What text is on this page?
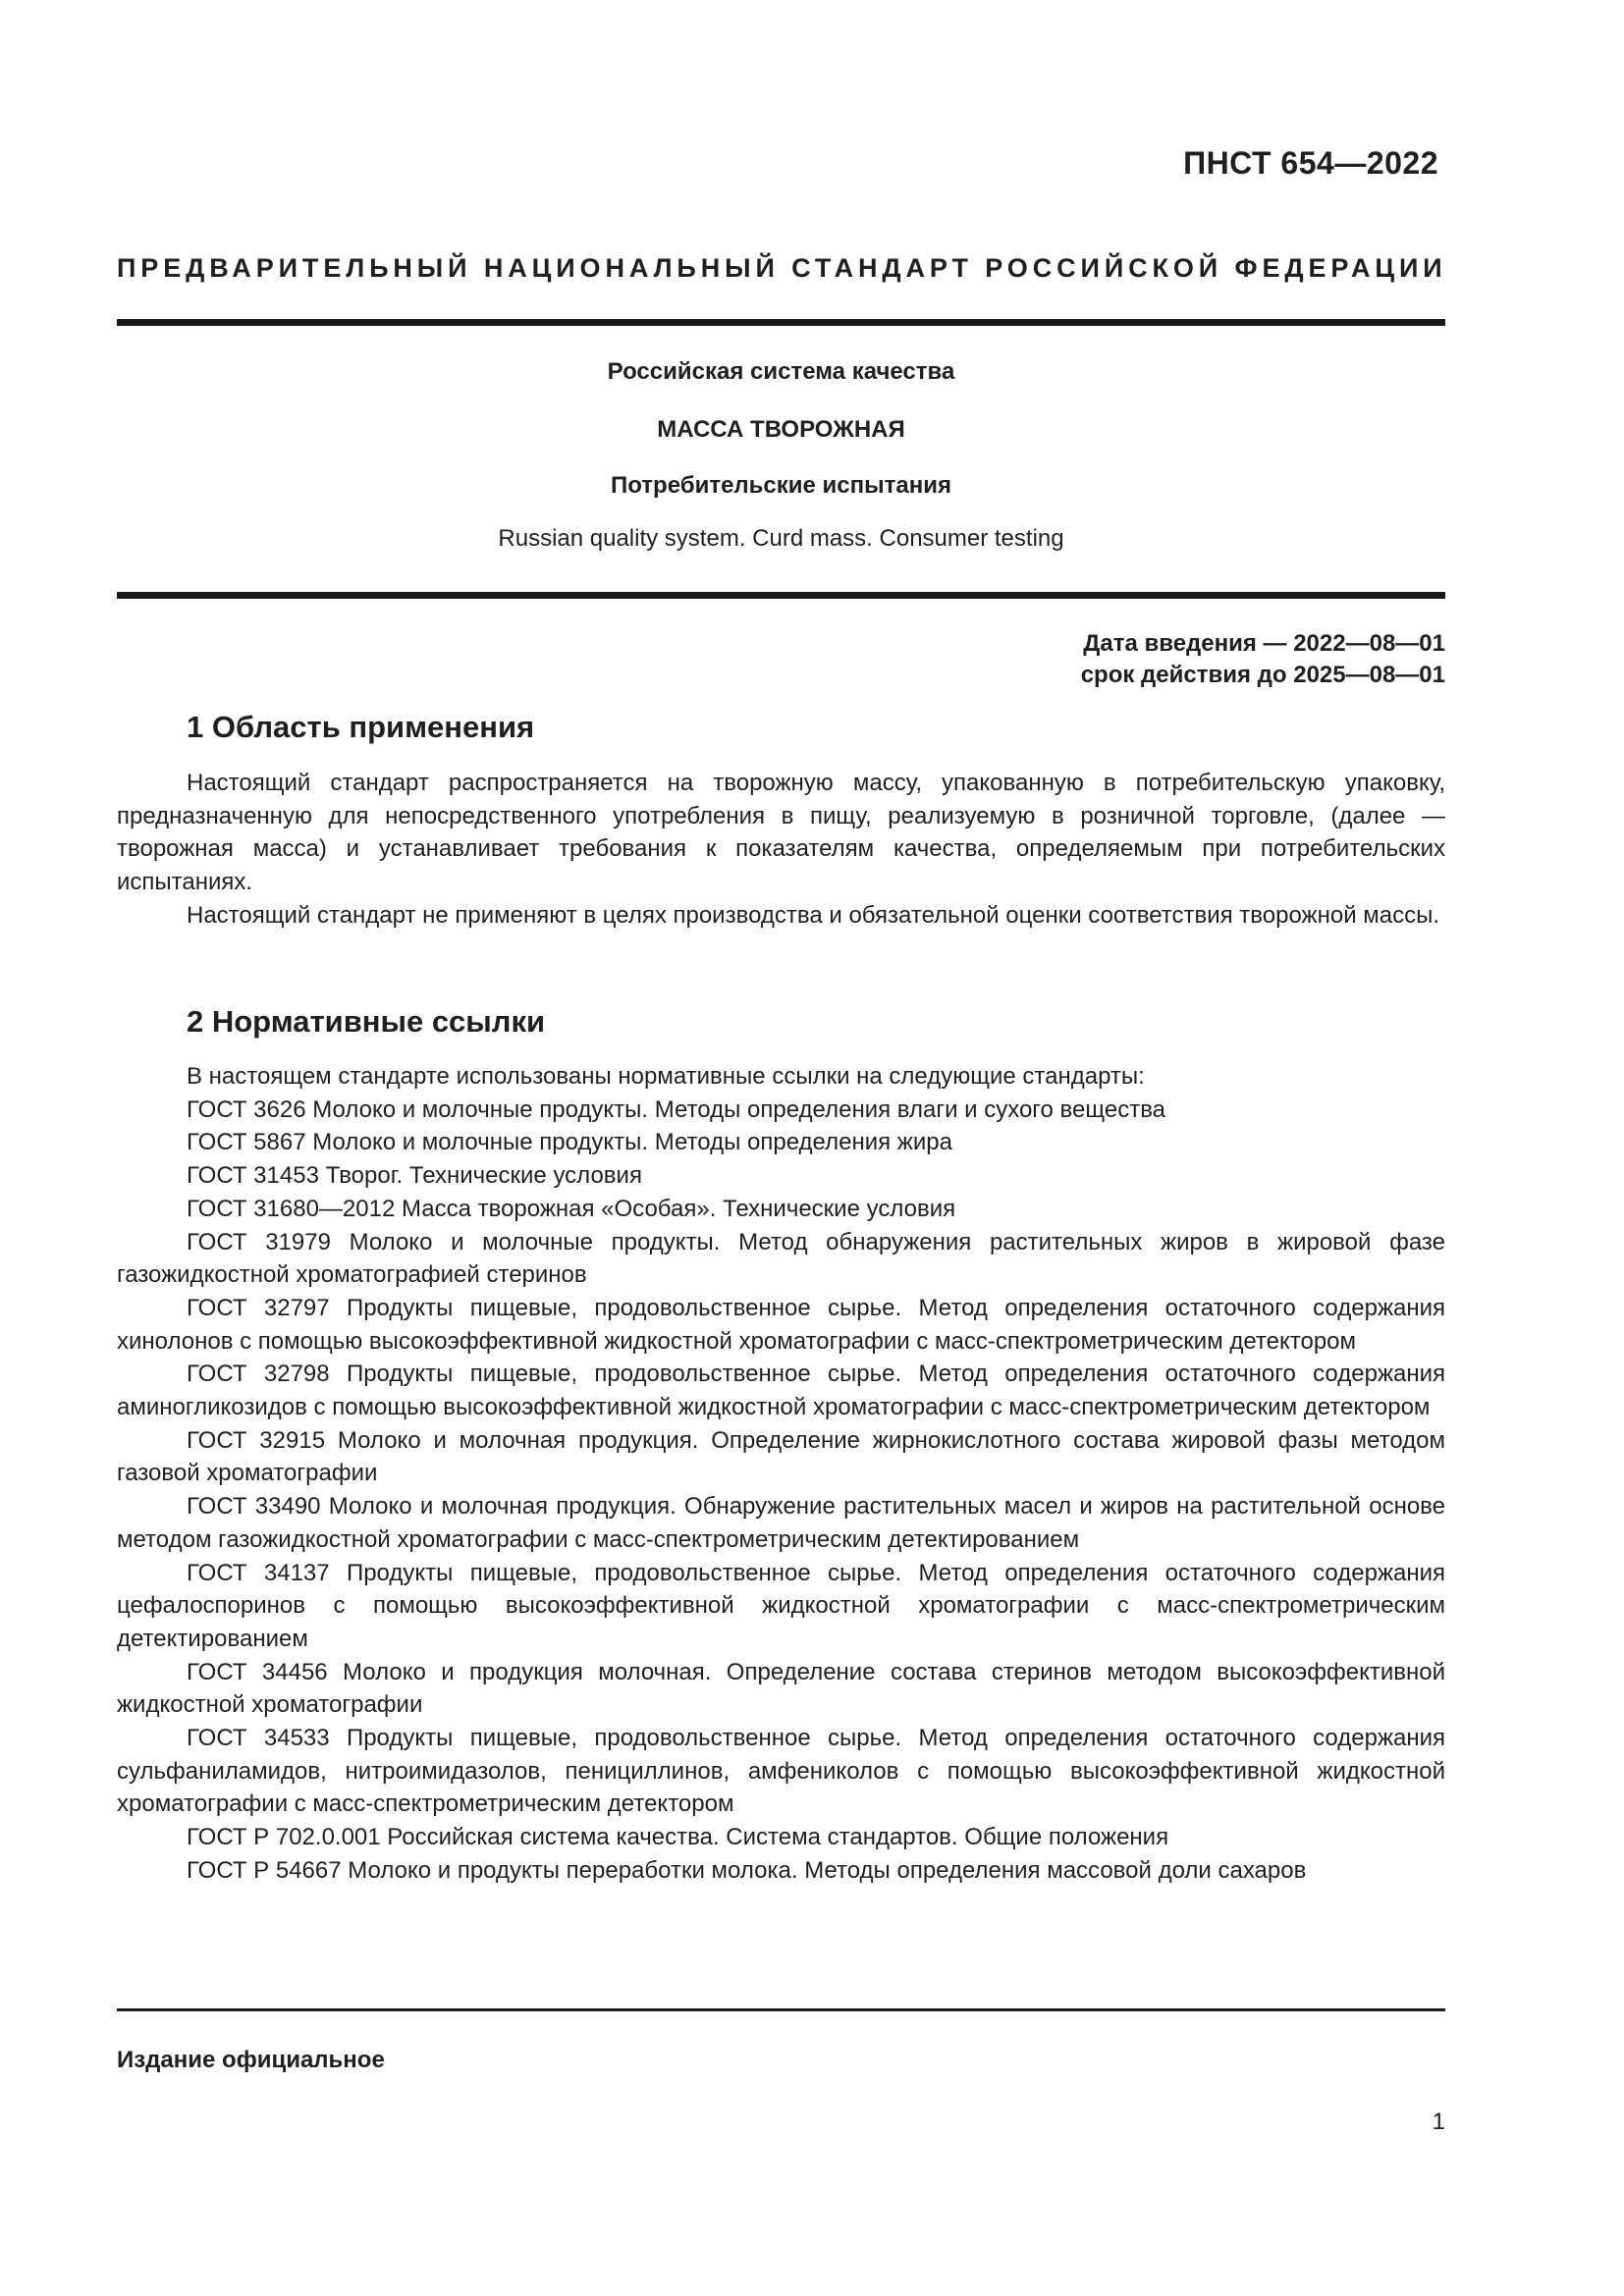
ПНСТ 654—2022
ПРЕДВАРИТЕЛЬНЫЙ НАЦИОНАЛЬНЫЙ СТАНДАРТ РОССИЙСКОЙ ФЕДЕРАЦИИ
Российская система качества
МАССА ТВОРОЖНАЯ
Потребительские испытания
Russian quality system. Curd mass. Consumer testing
Дата введения — 2022—08—01
срок действия до 2025—08—01
1 Область применения

Настоящий стандарт распространяется на творожную массу, упакованную в потребительскую упаковку, предназначенную для непосредственного употребления в пищу, реализуемую в розничной торговле, (далее — творожная масса) и устанавливает требования к показателям качества, определяемым при потребительских испытаниях.

Настоящий стандарт не применяют в целях производства и обязательной оценки соответствия творожной массы.

2 Нормативные ссылки

В настоящем стандарте использованы нормативные ссылки на следующие стандарты:

ГОСТ 3626 Молоко и молочные продукты. Методы определения влаги и сухого вещества

ГОСТ 5867 Молоко и молочные продукты. Методы определения жира

ГОСТ 31453 Творог. Технические условия

ГОСТ 31680—2012 Масса творожная «Особая». Технические условия

ГОСТ 31979 Молоко и молочные продукты. Метод обнаружения растительных жиров в жировой фазе газожидкостной хроматографией стеринов

ГОСТ 32797 Продукты пищевые, продовольственное сырье. Метод определения остаточного содержания хинолонов с помощью высокоэффективной жидкостной хроматографии с масс-спектрометрическим детектором

ГОСТ 32798 Продукты пищевые, продовольственное сырье. Метод определения остаточного содержания аминогликозидов с помощью высокоэффективной жидкостной хроматографии с масс-спектрометрическим детектором

ГОСТ 32915 Молоко и молочная продукция. Определение жирнокислотного состава жировой фазы методом газовой хроматографии

ГОСТ 33490 Молоко и молочная продукция. Обнаружение растительных масел и жиров на растительной основе методом газожидкостной хроматографии с масс-спектрометрическим детектированием

ГОСТ 34137 Продукты пищевые, продовольственное сырье. Метод определения остаточного содержания цефалоспоринов с помощью высокоэффективной жидкостной хроматографии с масс-спектрометрическим детектированием

ГОСТ 34456 Молоко и продукция молочная. Определение состава стеринов методом высокоэффективной жидкостной хроматографии

ГОСТ 34533 Продукты пищевые, продовольственное сырье. Метод определения остаточного содержания сульфаниламидов, нитроимидазолов, пенициллинов, амфениколов с помощью высокоэффективной жидкостной хроматографии с масс-спектрометрическим детектором

ГОСТ Р 702.0.001 Российская система качества. Система стандартов. Общие положения

ГОСТ Р 54667 Молоко и продукты переработки молока. Методы определения массовой доли сахаров

Издание официальное
1
